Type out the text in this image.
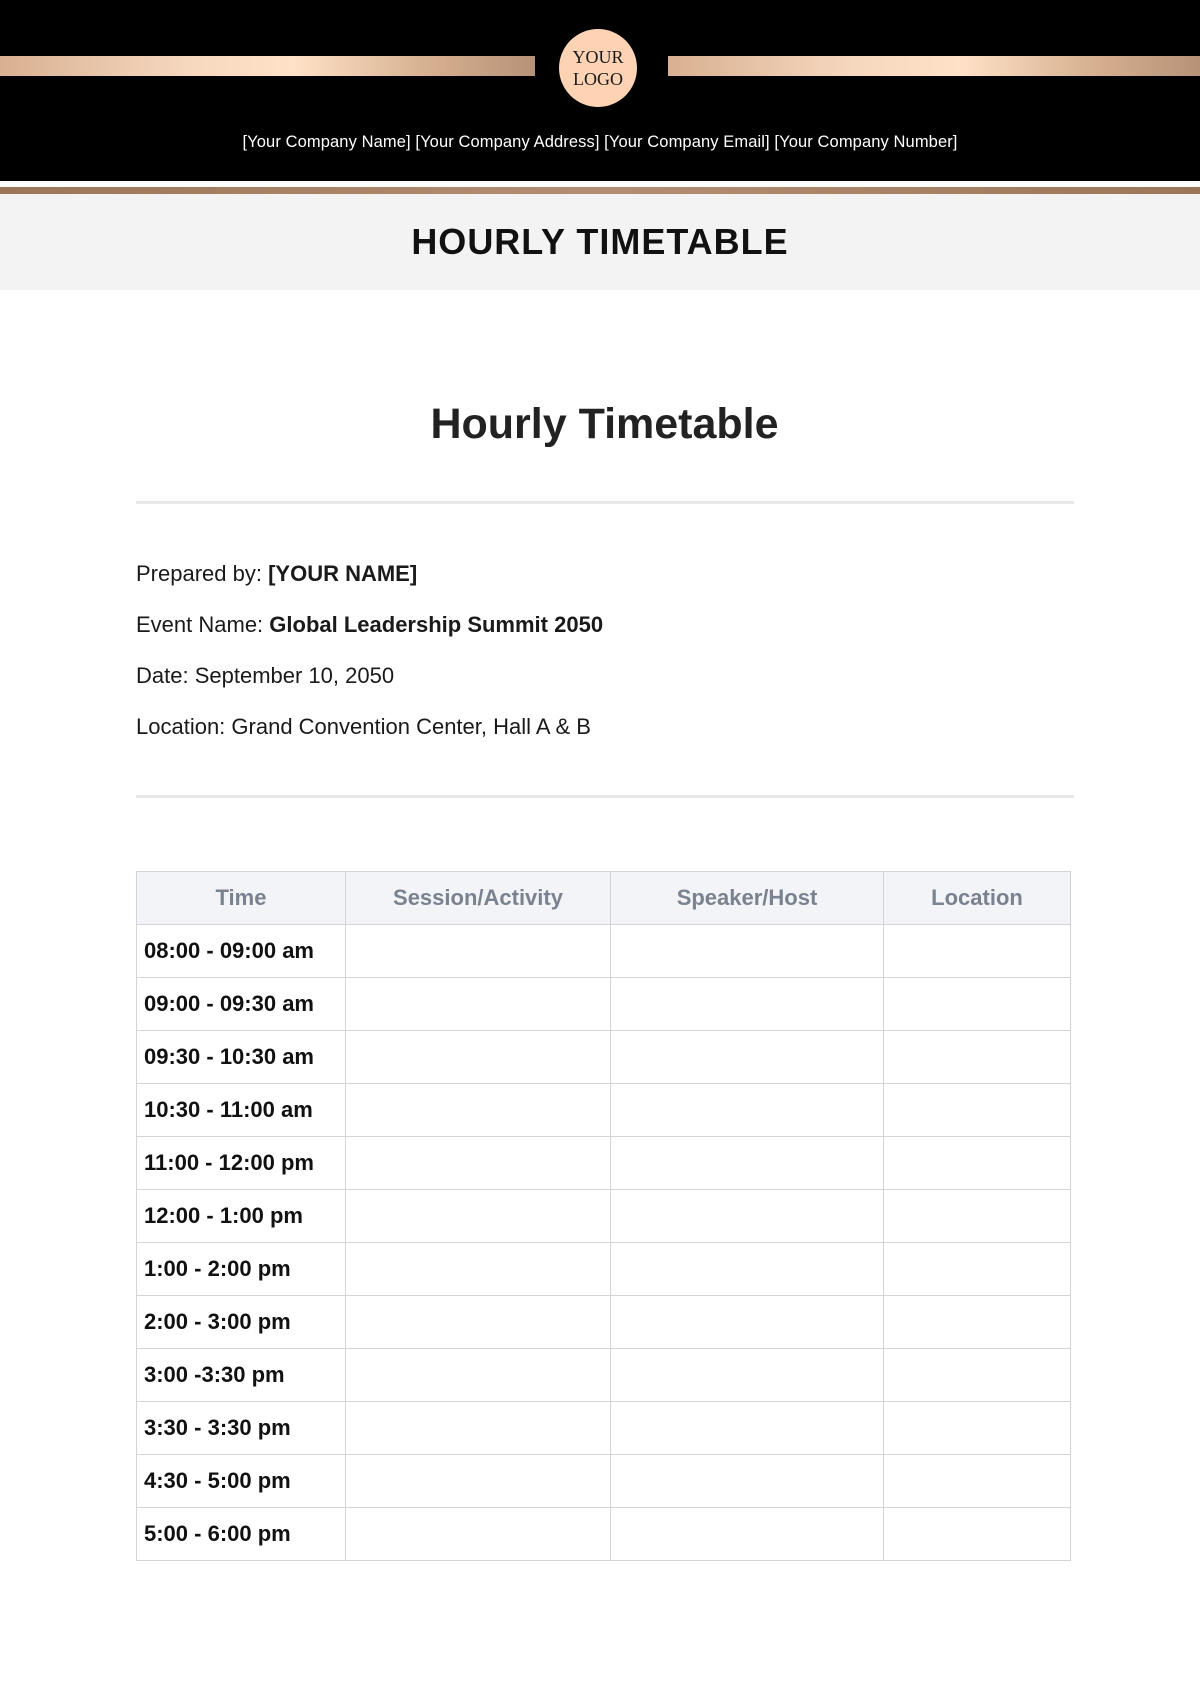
YOUR
LOGO
[Your Company Name] [Your Company Address] [Your Company Email] [Your Company Number]
HOURLY TIMETABLE
Hourly Timetable
Prepared by: [YOUR NAME]
Event Name: Global Leadership Summit 2050
Date: September 10, 2050
Location: Grand Convention Center, Hall A & B
Time	Session/Activity	Speaker/Host	Location
08:00 - 09:00 am			
09:00 - 09:30 am			
09:30 - 10:30 am			
10:30 - 11:00 am			
11:00 - 12:00 pm			
12:00 - 1:00 pm			
1:00 - 2:00 pm			
2:00 - 3:00 pm			
3:00 -3:30 pm			
3:30 - 3:30 pm			
4:30 - 5:00 pm			
5:00 - 6:00 pm			
